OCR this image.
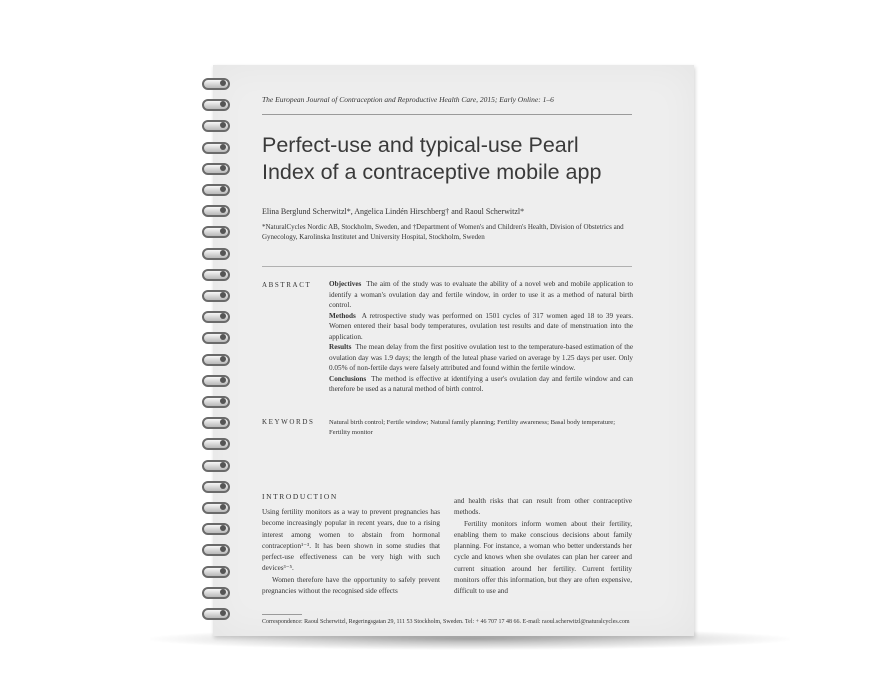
The European Journal of Contraception and Reproductive Health Care, 2015; Early Online: 1–6
Perfect-use and typical-use Pearl
Index of a contraceptive mobile app
Elina Berglund Scherwitzl*, Angelica Lindén Hirschberg† and Raoul Scherwitzl*
*NaturalCycles Nordic AB, Stockholm, Sweden, and †Department of Women's and Children's Health, Division of Obstetrics and Gynecology, Karolinska Institutet and University Hospital, Stockholm, Sweden
ABSTRACT Objectives The aim of the study was to evaluate the ability of a novel web and mobile application to identify a woman's ovulation day and fertile window, in order to use it as a method of natural birth control.

Methods A retrospective study was performed on 1501 cycles of 317 women aged 18 to 39 years. Women entered their basal body temperatures, ovulation test results and date of menstruation into the application.

Results The mean delay from the first positive ovulation test to the temperature-based estimation of the ovulation day was 1.9 days; the length of the luteal phase varied on average by 1.25 days per user. Only 0.05% of non-fertile days were falsely attributed and found within the fertile window.

Conclusions The method is effective at identifying a user's ovulation day and fertile window and can therefore be used as a natural method of birth control.

KEYWORDS Natural birth control; Fertile window; Natural family planning; Fertility awareness; Basal body temperature; Fertility monitor
INTRODUCTION

Using fertility monitors as a way to prevent pregnancies has become increasingly popular in recent years, due to a rising interest among women to abstain from hormonal contraception¹⁻³. It has been shown in some studies that perfect-use effectiveness can be very high with such devices³⁻⁵.

Women therefore have the opportunity to safely prevent pregnancies without the recognised side effects

and health risks that can result from other contraceptive methods.

Fertility monitors inform women about their fertility, enabling them to make conscious decisions about family planning. For instance, a woman who better understands her cycle and knows when she ovulates can plan her career and current situation around her fertility. Current fertility monitors offer this information, but they are often expensive, difficult to use and

Correspondence: Raoul Scherwitzl, Regeringsgatan 29, 111 53 Stockholm, Sweden. Tel: + 46 707 17 48 66. E-mail: raoul.scherwitzl@naturalcycles.com
